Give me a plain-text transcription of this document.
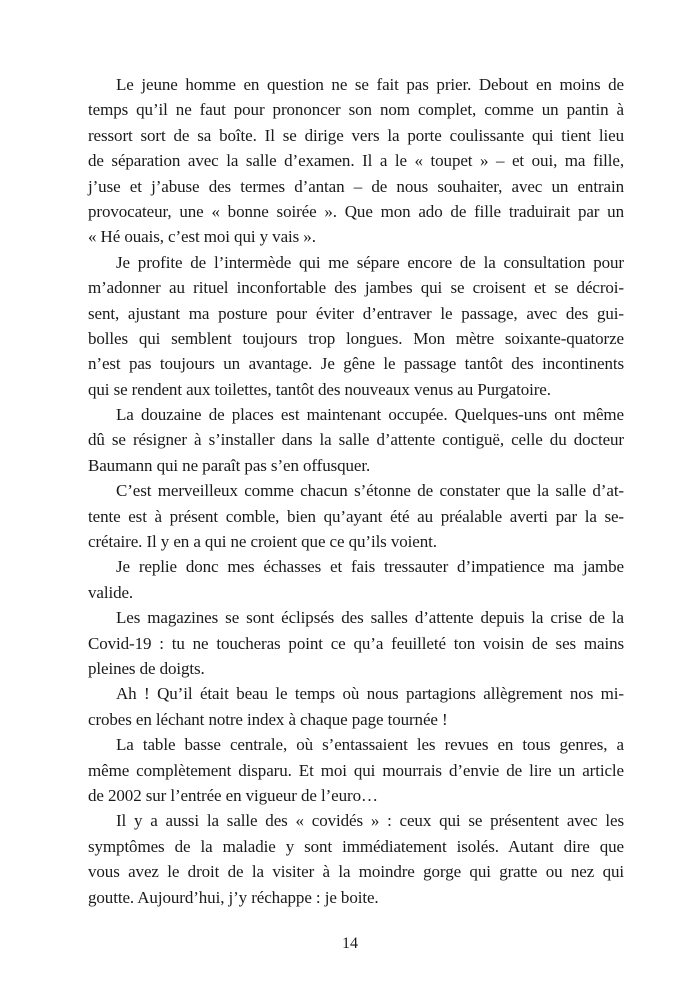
Le jeune homme en question ne se fait pas prier. Debout en moins de
temps qu’il ne faut pour prononcer son nom complet, comme un pantin à
ressort sort de sa boîte. Il se dirige vers la porte coulissante qui tient lieu
de séparation avec la salle d’examen. Il a le « toupet » – et oui, ma fille,
j’use et j’abuse des termes d’antan – de nous souhaiter, avec un entrain
provocateur, une « bonne soirée ». Que mon ado de fille traduirait par un
« Hé ouais, c’est moi qui y vais ».
Je profite de l’intermède qui me sépare encore de la consultation pour
m’adonner au rituel inconfortable des jambes qui se croisent et se décroi-
sent, ajustant ma posture pour éviter d’entraver le passage, avec des gui-
bolles qui semblent toujours trop longues. Mon mètre soixante-quatorze
n’est pas toujours un avantage. Je gêne le passage tantôt des incontinents
qui se rendent aux toilettes, tantôt des nouveaux venus au Purgatoire.
La douzaine de places est maintenant occupée. Quelques-uns ont même
dû se résigner à s’installer dans la salle d’attente contiguë, celle du docteur
Baumann qui ne paraît pas s’en offusquer.
C’est merveilleux comme chacun s’étonne de constater que la salle d’at-
tente est à présent comble, bien qu’ayant été au préalable averti par la se-
crétaire. Il y en a qui ne croient que ce qu’ils voient.
Je replie donc mes échasses et fais tressauter d’impatience ma jambe
valide.
Les magazines se sont éclipsés des salles d’attente depuis la crise de la
Covid-19 : tu ne toucheras point ce qu’a feuilleté ton voisin de ses mains
pleines de doigts.
Ah ! Qu’il était beau le temps où nous partagions allègrement nos mi-
crobes en léchant notre index à chaque page tournée !
La table basse centrale, où s’entassaient les revues en tous genres, a
même complètement disparu. Et moi qui mourrais d’envie de lire un article
de 2002 sur l’entrée en vigueur de l’euro…
Il y a aussi la salle des « covidés » : ceux qui se présentent avec les
symptômes de la maladie y sont immédiatement isolés. Autant dire que
vous avez le droit de la visiter à la moindre gorge qui gratte ou nez qui
goutte. Aujourd’hui, j’y réchappe : je boite.
14
